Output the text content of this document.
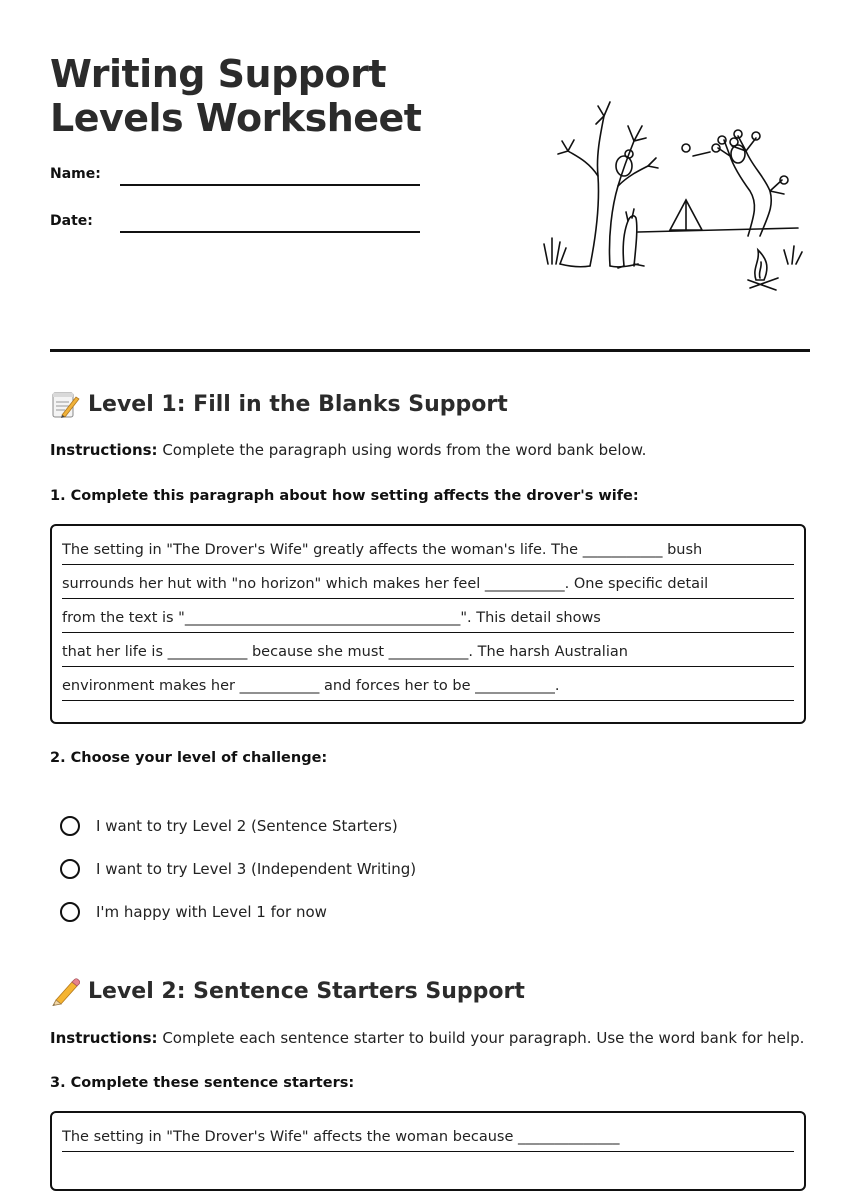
Writing Support Levels Worksheet
Name:
Date:
Level 1: Fill in the Blanks Support
Instructions: Complete the paragraph using words from the word bank below.
1. Complete this paragraph about how setting affects the drover's wife:
The setting in "The Drover's Wife" greatly affects the woman's life. The ___________ bush
surrounds her hut with "no horizon" which makes her feel ___________. One specific detail
from the text is "______________________________________". This detail shows
that her life is ___________ because she must ___________. The harsh Australian
environment makes her ___________ and forces her to be ___________.
2. Choose your level of challenge:
I want to try Level 2 (Sentence Starters)
I want to try Level 3 (Independent Writing)
I'm happy with Level 1 for now
Level 2: Sentence Starters Support
Instructions: Complete each sentence starter to build your paragraph. Use the word bank for help.
3. Complete these sentence starters:
The setting in "The Drover's Wife" affects the woman because ______________
